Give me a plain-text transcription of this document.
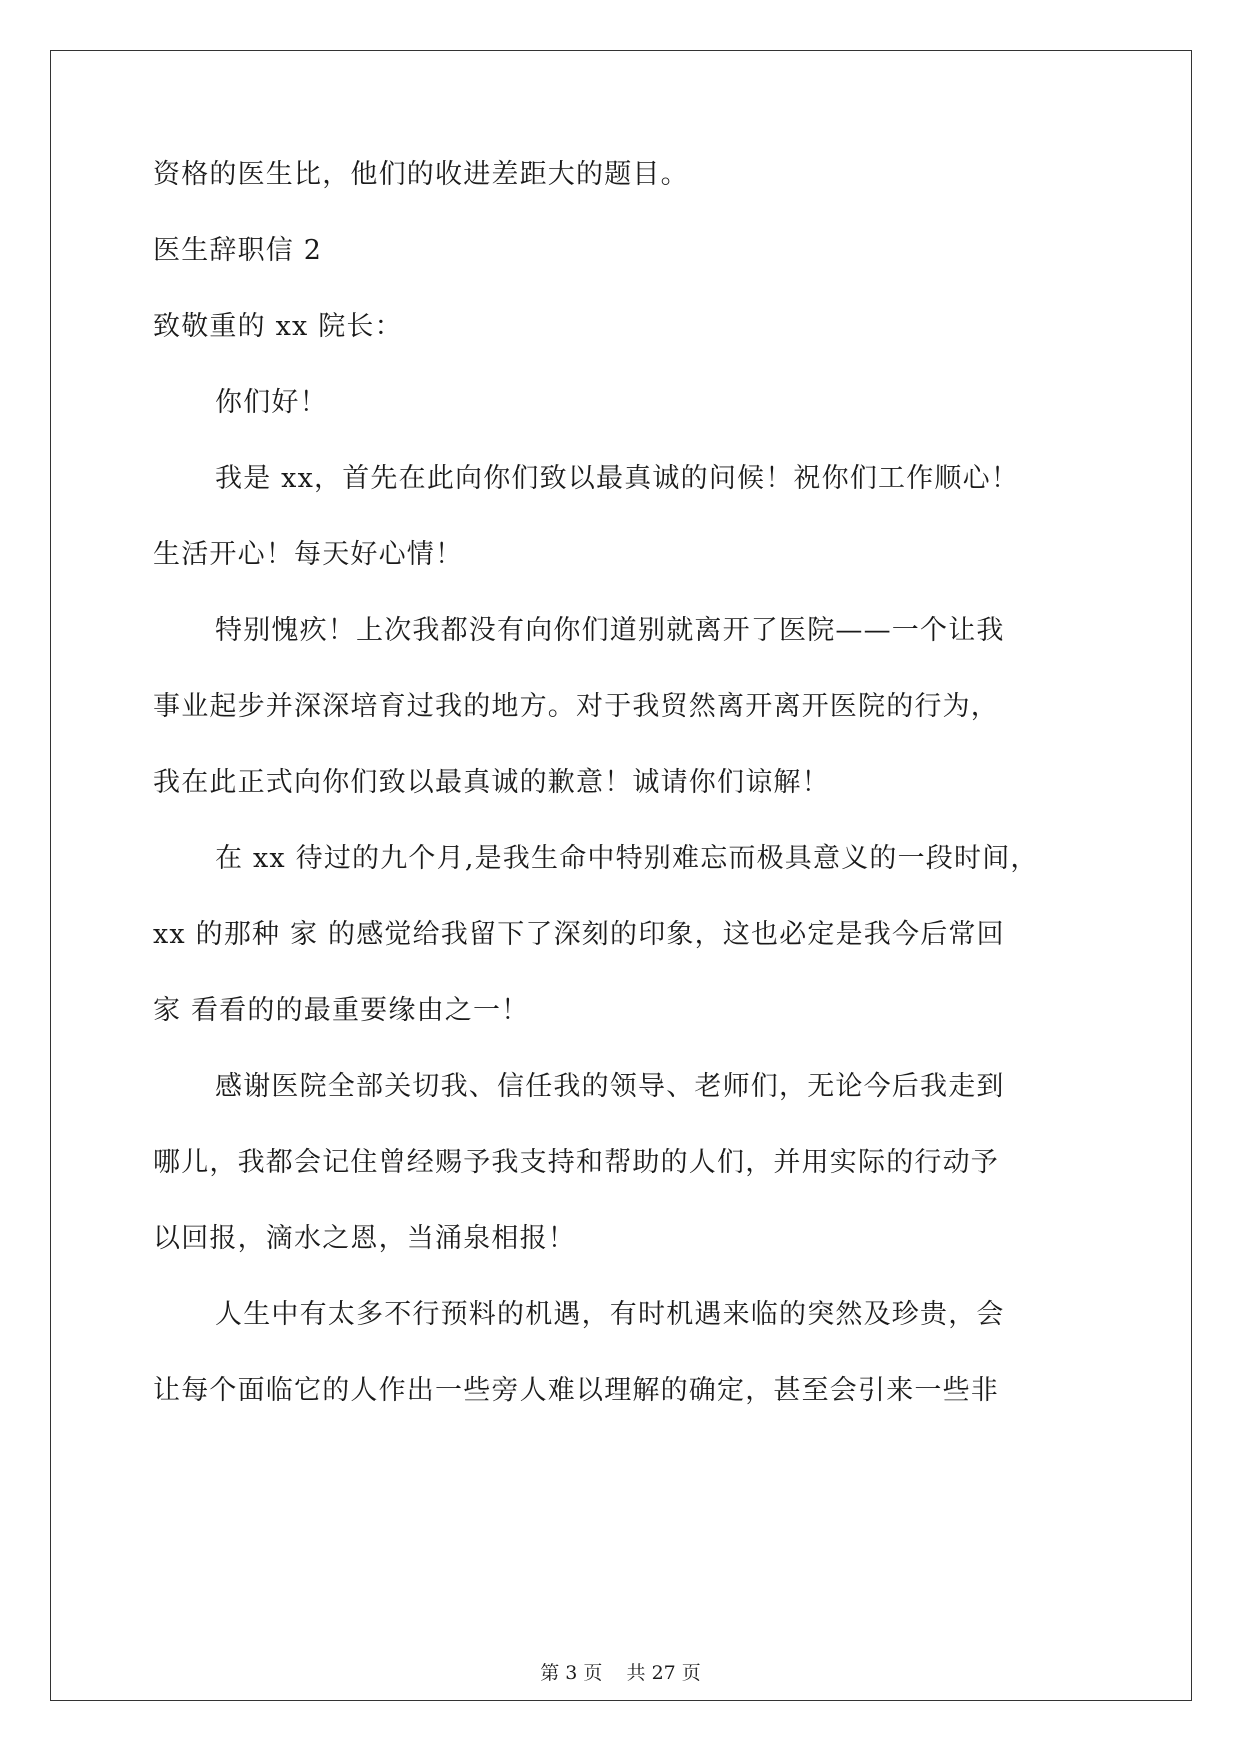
资格的医生比，他们的收进差距大的题目。
医生辞职信 2
致敬重的 xx 院长：
你们好！
我是 xx，首先在此向你们致以最真诚的问候！祝你们工作顺心！
生活开心！每天好心情！
特别愧疚！上次我都没有向你们道别就离开了医院——一个让我
事业起步并深深培育过我的地方。对于我贸然离开离开医院的行为，
我在此正式向你们致以最真诚的歉意！诚请你们谅解！
在 xx 待过的九个月,是我生命中特别难忘而极具意义的一段时间，
xx 的那种 家 的感觉给我留下了深刻的印象，这也必定是我今后常回
家 看看的的最重要缘由之一！
感谢医院全部关切我、信任我的领导、老师们，无论今后我走到
哪儿，我都会记住曾经赐予我支持和帮助的人们，并用实际的行动予
以回报，滴水之恩，当涌泉相报！
人生中有太多不行预料的机遇，有时机遇来临的突然及珍贵，会
让每个面临它的人作出一些旁人难以理解的确定，甚至会引来一些非
第 3 页    共 27 页
